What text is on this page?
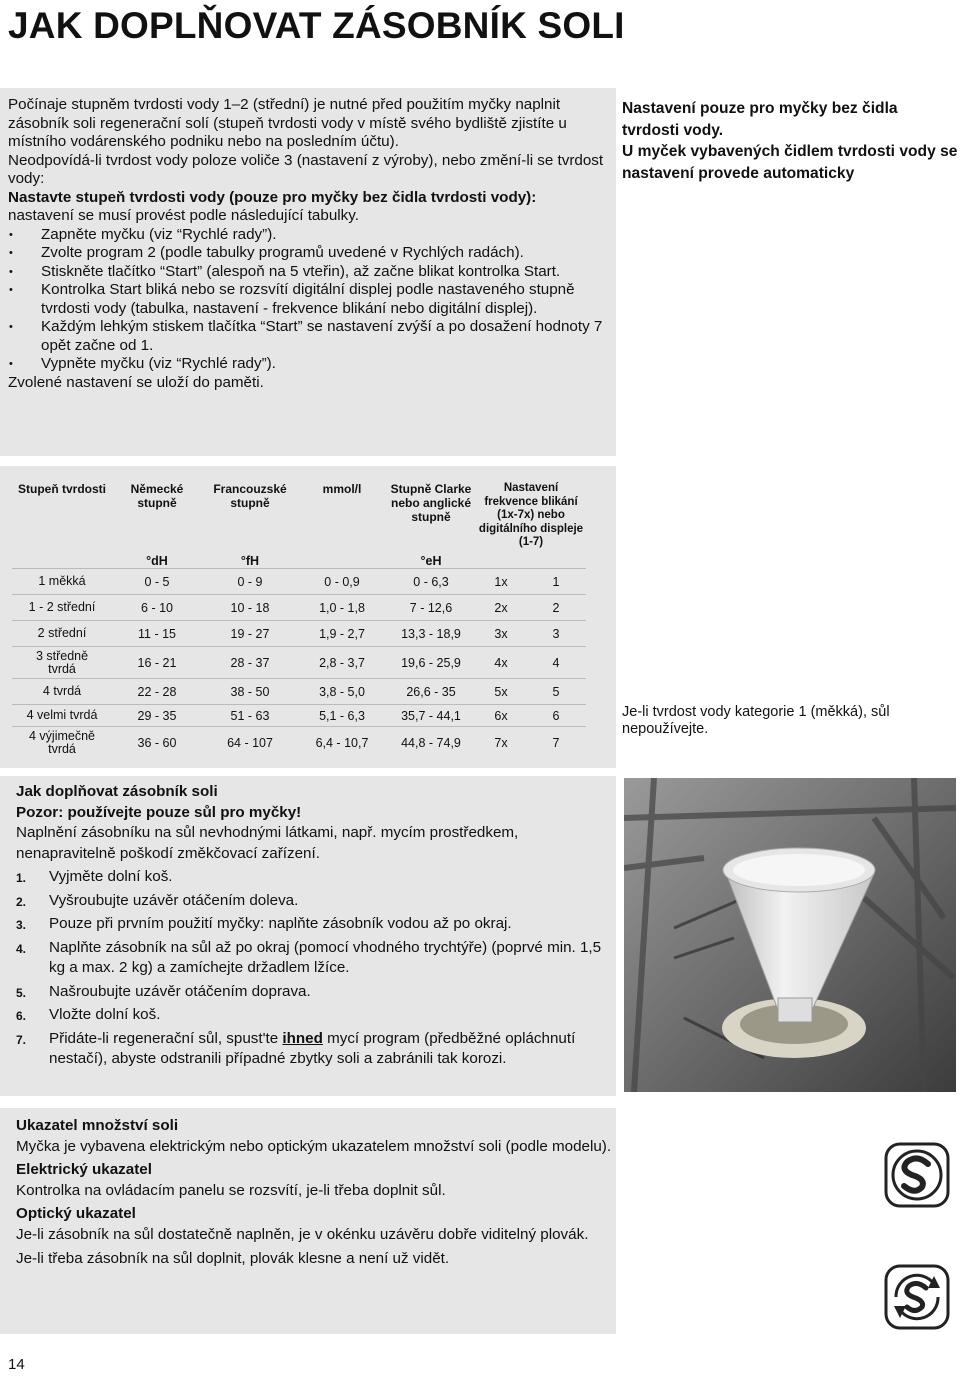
JAK DOPLŇOVAT ZÁSOBNÍK SOLI

Počínaje stupněm tvrdosti vody 1–2 (střední) je nutné před použitím myčky naplnit zásobník soli regenerační solí (stupeň tvrdosti vody v místě svého bydliště zjistíte u místního vodárenského podniku nebo na posledním účtu).

Neodpovídá-li tvrdost vody poloze voliče 3 (nastavení z výroby), nebo změní-li se tvrdost vody:

Nastavte stupeň tvrdosti vody (pouze pro myčky bez čidla tvrdosti vody):
nastavení se musí provést podle následující tabulky.

• Zapněte myčku (viz “Rychlé rady”).
• Zvolte program 2 (podle tabulky programů uvedené v Rychlých radách).
• Stiskněte tlačítko “Start” (alespoň na 5 vteřin), až začne blikat kontrolka Start.
• Kontrolka Start bliká nebo se rozsvítí digitální displej podle nastaveného stupně tvrdosti vody (tabulka, nastavení - frekvence blikání nebo digitální displej).
• Každým lehkým stiskem tlačítka “Start” se nastavení zvýší a po dosažení hodnoty 7 opět začne od 1.
• Vypněte myčku (viz “Rychlé rady”).

Zvolené nastavení se uloží do paměti.

Nastavení pouze pro myčky bez čidla tvrdosti vody.
U myček vybavených čidlem tvrdosti vody se nastavení provede automaticky
Stupeň tvrdosti	Německé stupně	Francouzské stupně	mmol/l	Stupně Clarke nebo anglické stupně	Nastavení frekvence blikání (1x-7x) nebo digitálního displeje (1-7)	
	°dH	°fH		°eH		
1 měkká	0 - 5	0 - 9	0 - 0,9	0 - 6,3	1x	1
1 - 2 střední	6 - 10	10 - 18	1,0 - 1,8	7 - 12,6	2x	2
2 střední	11 - 15	19 - 27	1,9 - 2,7	13,3 - 18,9	3x	3
3 středně tvrdá	16 - 21	28 - 37	2,8 - 3,7	19,6 - 25,9	4x	4
4 tvrdá	22 - 28	38 - 50	3,8 - 5,0	26,6 - 35	5x	5
4 velmi tvrdá	29 - 35	51 - 63	5,1 - 6,3	35,7 - 44,1	6x	6
4 výjimečně tvrdá	36 - 60	64 - 107	6,4 - 10,7	44,8 - 74,9	7x	7
Je-li tvrdost vody kategorie 1 (měkká), sůl nepoužívejte.

Jak doplňovat zásobník soli

Pozor: používejte pouze sůl pro myčky!

Naplnění zásobníku na sůl nevhodnými látkami, např. mycím prostředkem, nenapravitelně poškodí změkčovací zařízení.

1. Vyjměte dolní koš.
2. Vyšroubujte uzávěr otáčením doleva.
3. Pouze při prvním použití myčky: naplňte zásobník vodou až po okraj.
4. Naplňte zásobník na sůl až po okraj (pomocí vhodného trychtýře) (poprvé min. 1,5 kg a max. 2 kg) a zamíchejte držadlem lžíce.
5. Našroubujte uzávěr otáčením doprava.
6. Vložte dolní koš.
7. Přidáte-li regenerační sůl, spust'te ihned mycí program (předběžné opláchnutí nestačí), abyste odstranili případné zbytky soli a zabránili tak korozi.

Ukazatel množství soli

Myčka je vybavena elektrickým nebo optickým ukazatelem množství soli (podle modelu).

Elektrický ukazatel

Kontrolka na ovládacím panelu se rozsvítí, je-li třeba doplnit sůl.

Optický ukazatel

Je-li zásobník na sůl dostatečně naplněn, je v okénku uzávěru dobře viditelný plovák.

Je-li třeba zásobník na sůl doplnit, plovák klesne a není už vidět.

14
